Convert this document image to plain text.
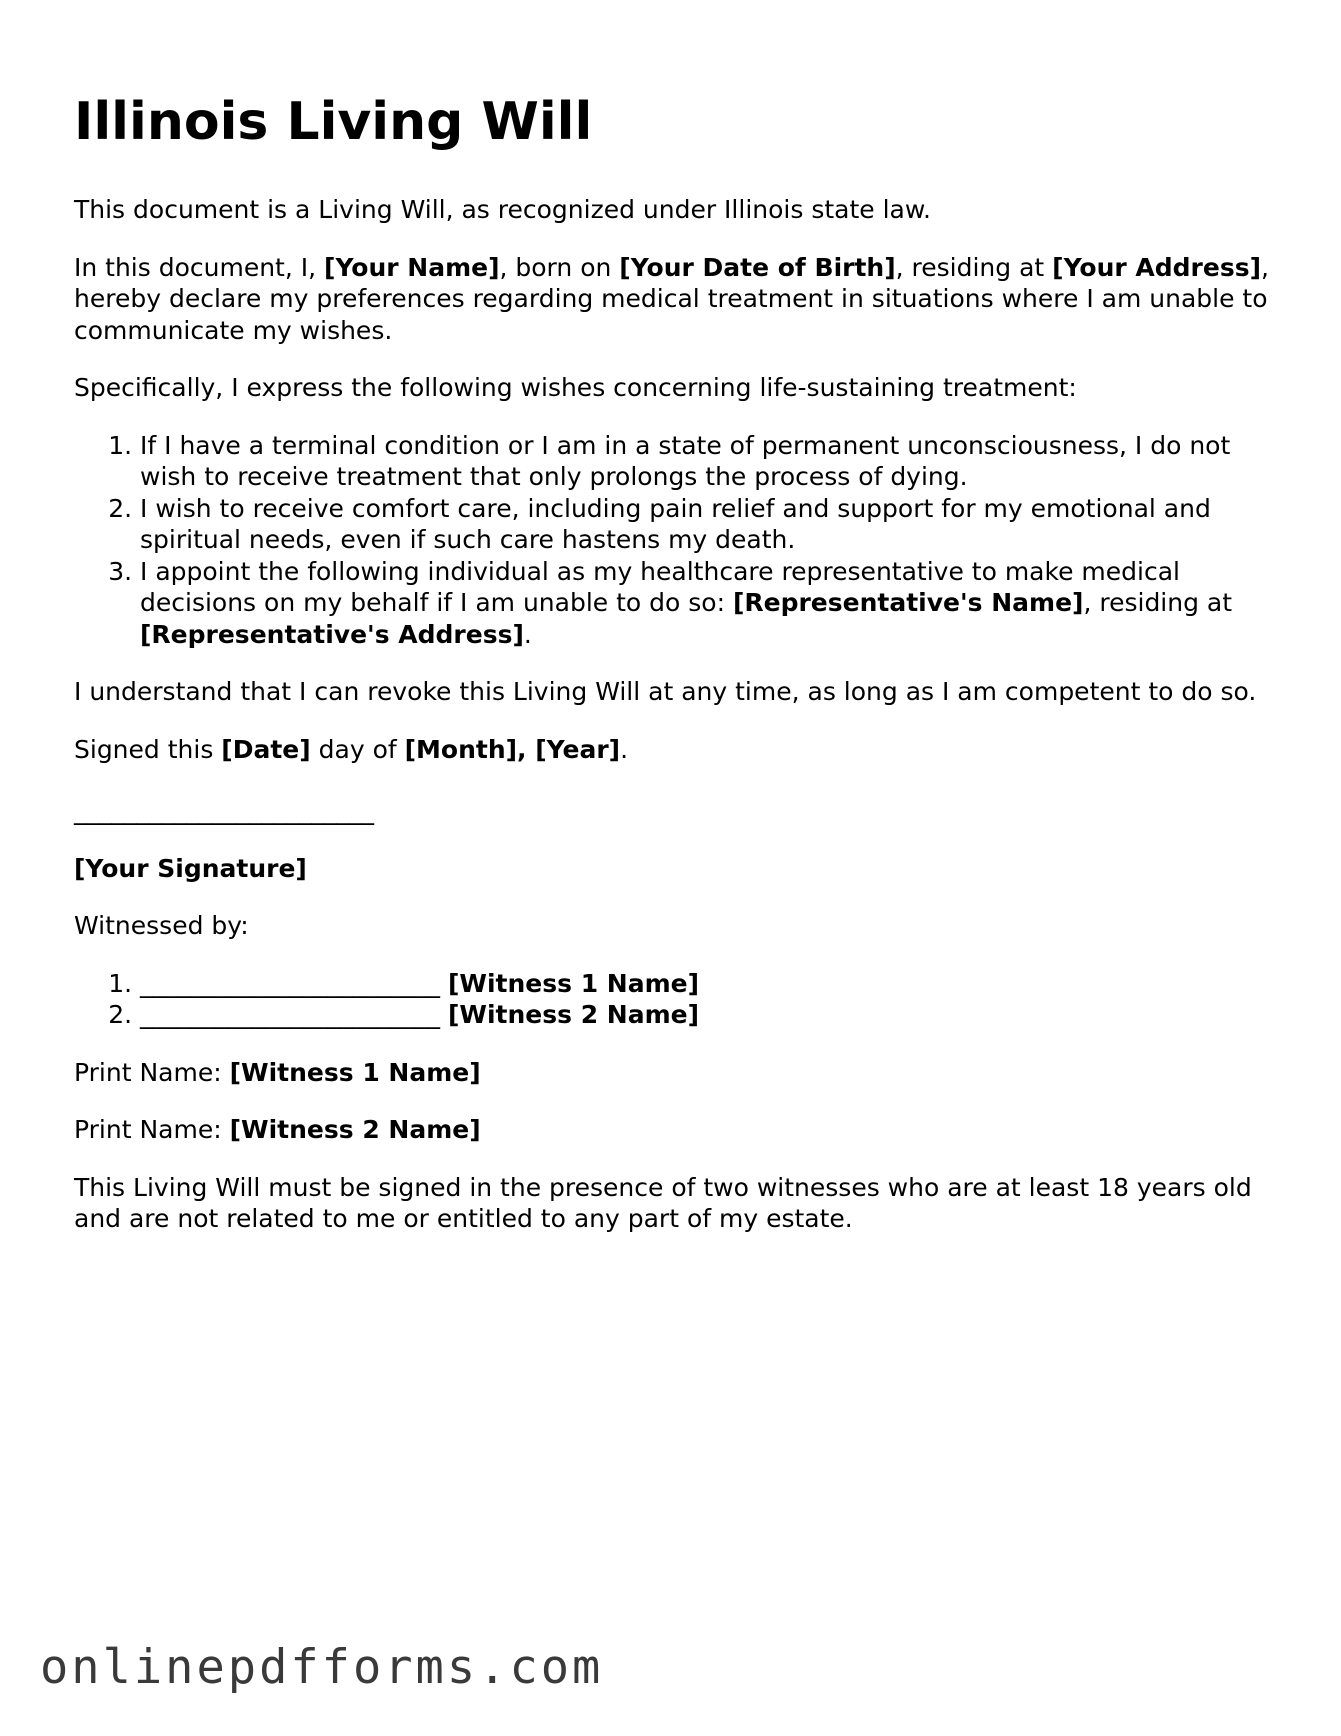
Illinois Living Will

This document is a Living Will, as recognized under Illinois state law.

In this document, I, [Your Name], born on [Your Date of Birth], residing at [Your Address], hereby declare my preferences regarding medical treatment in situations where I am unable to communicate my wishes.

Specifically, I express the following wishes concerning life-sustaining treatment:

1. If I have a terminal condition or I am in a state of permanent unconsciousness, I do not wish to receive treatment that only prolongs the process of dying.
2. I wish to receive comfort care, including pain relief and support for my emotional and spiritual needs, even if such care hastens my death.
3. I appoint the following individual as my healthcare representative to make medical decisions on my behalf if I am unable to do so: [Representative's Name], residing at [Representative's Address].

I understand that I can revoke this Living Will at any time, as long as I am competent to do so.

Signed this [Date] day of [Month], [Year].

________________________

[Your Signature]

Witnessed by:

1. ________________________ [Witness 1 Name]
2. ________________________ [Witness 2 Name]

Print Name: [Witness 1 Name]

Print Name: [Witness 2 Name]

This Living Will must be signed in the presence of two witnesses who are at least 18 years old and are not related to me or entitled to any part of my estate.

onlinepdfforms.com
